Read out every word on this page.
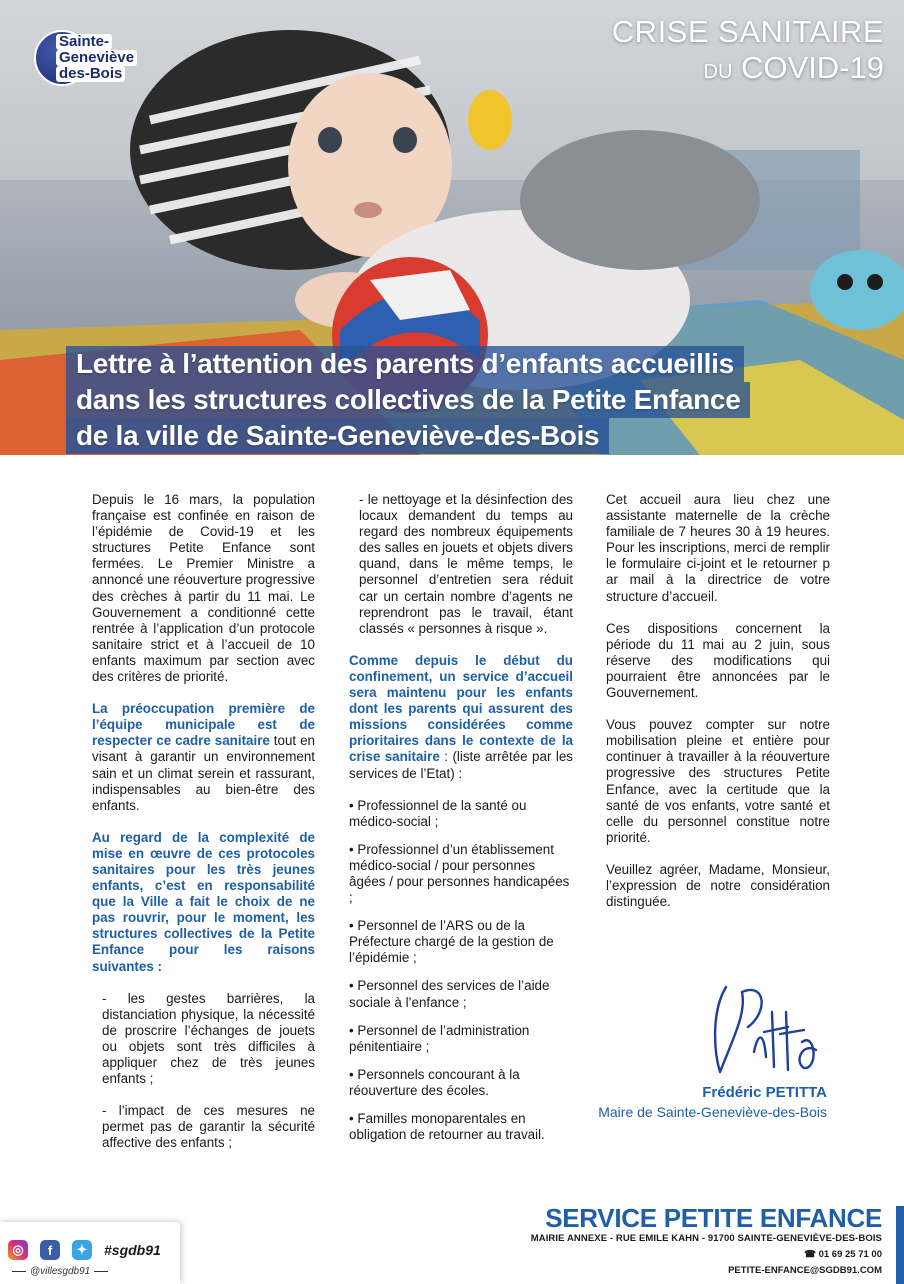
Sainte-
Geneviève
des-Bois
CRISE SANITAIRE
DU COVID-19
Lettre à l’attention des parents d’enfants accueillis
dans les structures collectives de la Petite Enfance
de la ville de Sainte-Geneviève-des-Bois

Depuis le 16 mars, la population française est confinée en raison de l’épidémie de Covid-19 et les structures Petite Enfance sont fermées. Le Premier Ministre a annoncé une réouverture progressive des crèches à partir du 11 mai. Le Gouvernement a conditionné cette rentrée à l’application d’un protocole sanitaire strict et à l’accueil de 10 enfants maximum par section avec des critères de priorité.

La préoccupation première de l’équipe municipale est de respecter ce cadre sanitaire tout en visant à garantir un environnement sain et un climat serein et rassurant, indispensables au bien-être des enfants.

Au regard de la complexité de mise en œuvre de ces protocoles sanitaires pour les très jeunes enfants, c’est en responsabilité que la Ville a fait le choix de ne pas rouvrir, pour le moment, les structures collectives de la Petite Enfance pour les raisons suivantes :

- les gestes barrières, la distanciation physique, la nécessité de proscrire l’échanges de jouets ou objets sont très difficiles à appliquer chez de très jeunes enfants ;

- l’impact de ces mesures ne permet pas de garantir la sécurité affective des enfants ;

- le nettoyage et la désinfection des locaux demandent du temps au regard des nombreux équipements des salles en jouets et objets divers quand, dans le même temps, le personnel d’entretien sera réduit car un certain nombre d’agents ne reprendront pas le travail, étant classés « personnes à risque ».

Comme depuis le début du confinement, un service d’accueil sera maintenu pour les enfants dont les parents qui assurent des missions considérées comme prioritaires dans le contexte de la crise sanitaire : (liste arrêtée par les services de l’Etat) :

• Professionnel de la santé ou médico-social ;

• Professionnel d’un établissement médico-social / pour personnes âgées / pour personnes handicapées ;

• Personnel de l’ARS ou de la Préfecture chargé de la gestion de l’épidémie ;

• Personnel des services de l’aide sociale à l’enfance ;

• Personnel de l’administration pénitentiaire ;

• Personnels concourant à la réouverture des écoles.

• Familles monoparentales en obligation de retourner au travail.

Cet accueil aura lieu chez une assistante maternelle de la crèche familiale de 7 heures 30 à 19 heures. Pour les inscriptions, merci de remplir le formulaire ci-joint et le retourner p ar mail à la directrice de votre structure d’accueil.

Ces dispositions concernent la période du 11 mai au 2 juin, sous réserve des modifications qui pourraient être annoncées par le Gouvernement.

Vous pouvez compter sur notre mobilisation pleine et entière pour continuer à travailler à la réouverture progressive des structures Petite Enfance, avec la certitude que la santé de vos enfants, votre santé et celle du personnel constitue notre priorité.

Veuillez agréer, Madame, Monsieur, l’expression de notre considération distinguée.

Frédéric PETITTA
Maire de Sainte-Geneviève-des-Bois
◎	f	✦	#sgdb91
@villesgdb91
SERVICE PETITE ENFANCE
MAIRIE ANNEXE - RUE EMILE KAHN - 91700 SAINTE-GENEVIÈVE-DES-BOIS
☎ 01 69 25 71 00
PETITE-ENFANCE@SGDB91.COM
